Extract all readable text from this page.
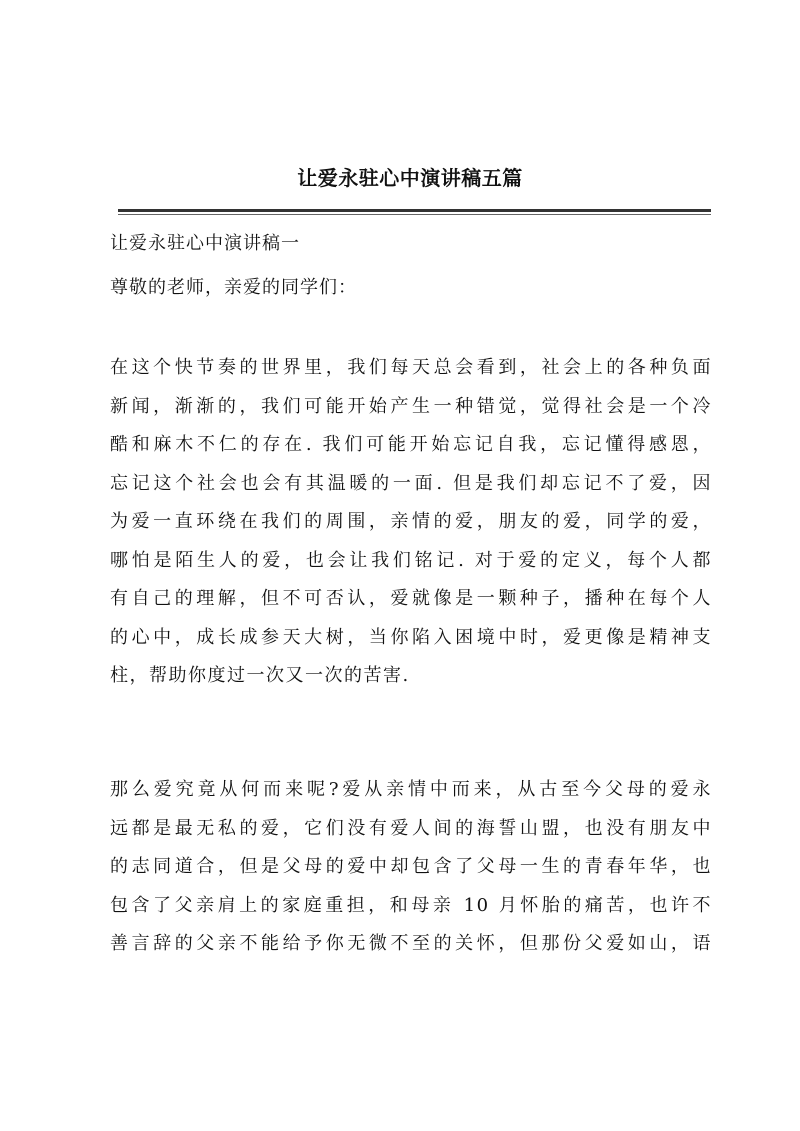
让爱永驻心中演讲稿五篇
让爱永驻心中演讲稿一
尊敬的老师，亲爱的同学们：
在这个快节奏的世界里，我们每天总会看到，社会上的各种负面
新闻，渐渐的，我们可能开始产生一种错觉，觉得社会是一个冷
酷和麻木不仁的存在. 我们可能开始忘记自我，忘记懂得感恩，
忘记这个社会也会有其温暖的一面. 但是我们却忘记不了爱，因
为爱一直环绕在我们的周围，亲情的爱，朋友的爱，同学的爱，
哪怕是陌生人的爱，也会让我们铭记. 对于爱的定义，每个人都
有自己的理解，但不可否认，爱就像是一颗种子，播种在每个人
的心中，成长成参天大树，当你陷入困境中时，爱更像是精神支
柱，帮助你度过一次又一次的苦害.
那么爱究竟从何而来呢?爱从亲情中而来，从古至今父母的爱永
远都是最无私的爱，它们没有爱人间的海誓山盟，也没有朋友中
的志同道合，但是父母的爱中却包含了父母一生的青春年华，也
包含了父亲肩上的家庭重担，和母亲 10 月怀胎的痛苦，也许不
善言辞的父亲不能给予你无微不至的关怀，但那份父爱如山，语
